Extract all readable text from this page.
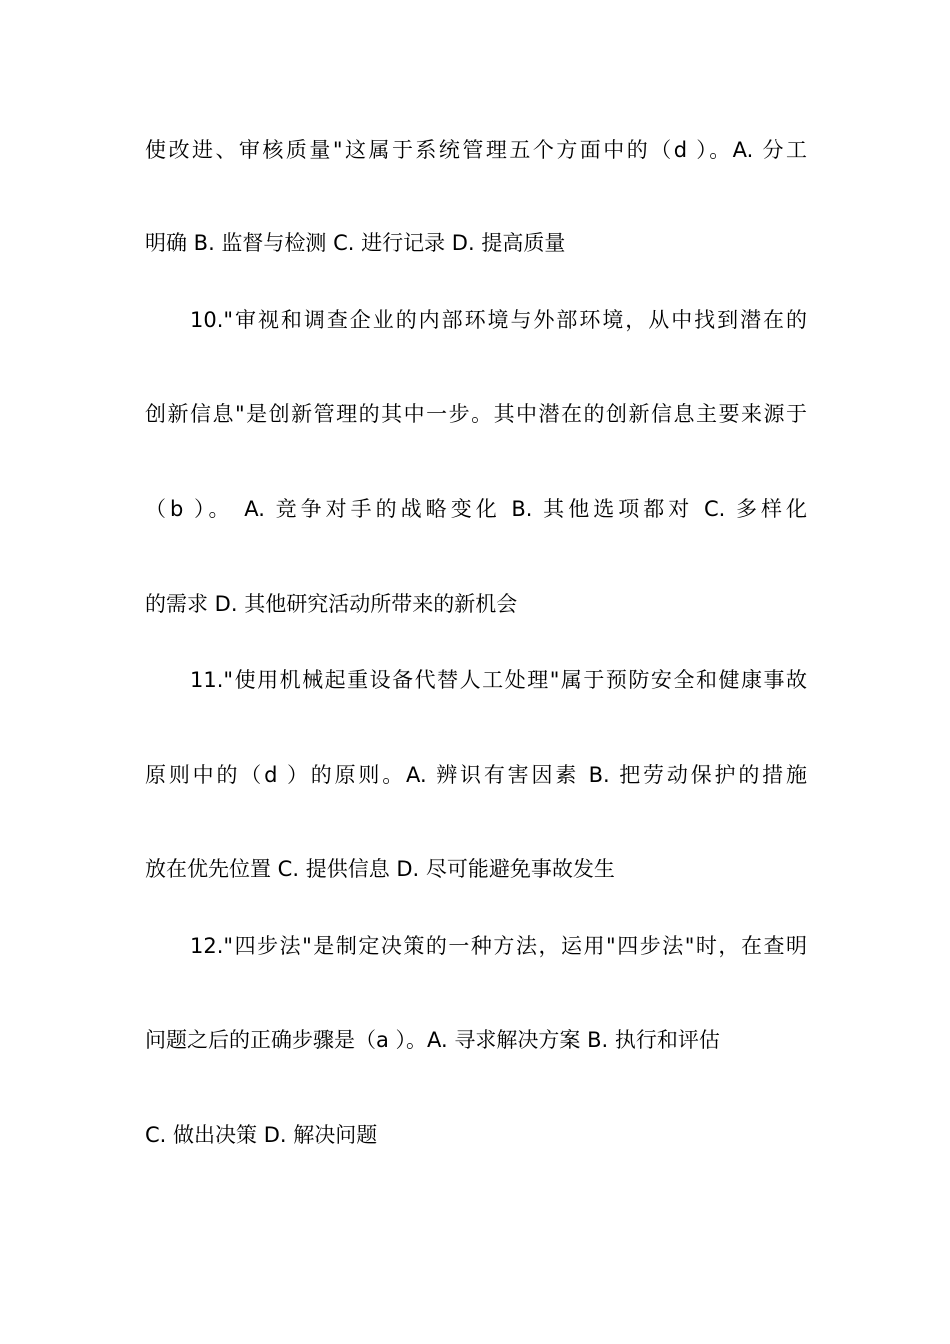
使改进、审核质量"这属于系统管理五个方面中的（d ）。A. 分工
明确 B. 监督与检测 C. 进行记录 D. 提高质量
10."审视和调查企业的内部环境与外部环境，从中找到潜在的
创新信息"是创新管理的其中一步。其中潜在的创新信息主要来源于
（b ）。 A. 竞争对手的战略变化 B. 其他选项都对 C. 多样化
的需求 D. 其他研究活动所带来的新机会
11."使用机械起重设备代替人工处理"属于预防安全和健康事故
原则中的（d ）的原则。A. 辨识有害因素 B. 把劳动保护的措施
放在优先位置 C. 提供信息 D. 尽可能避免事故发生
12."四步法"是制定决策的一种方法，运用"四步法"时，在查明
问题之后的正确步骤是（a ）。A. 寻求解决方案 B. 执行和评估
C. 做出决策 D. 解决问题
